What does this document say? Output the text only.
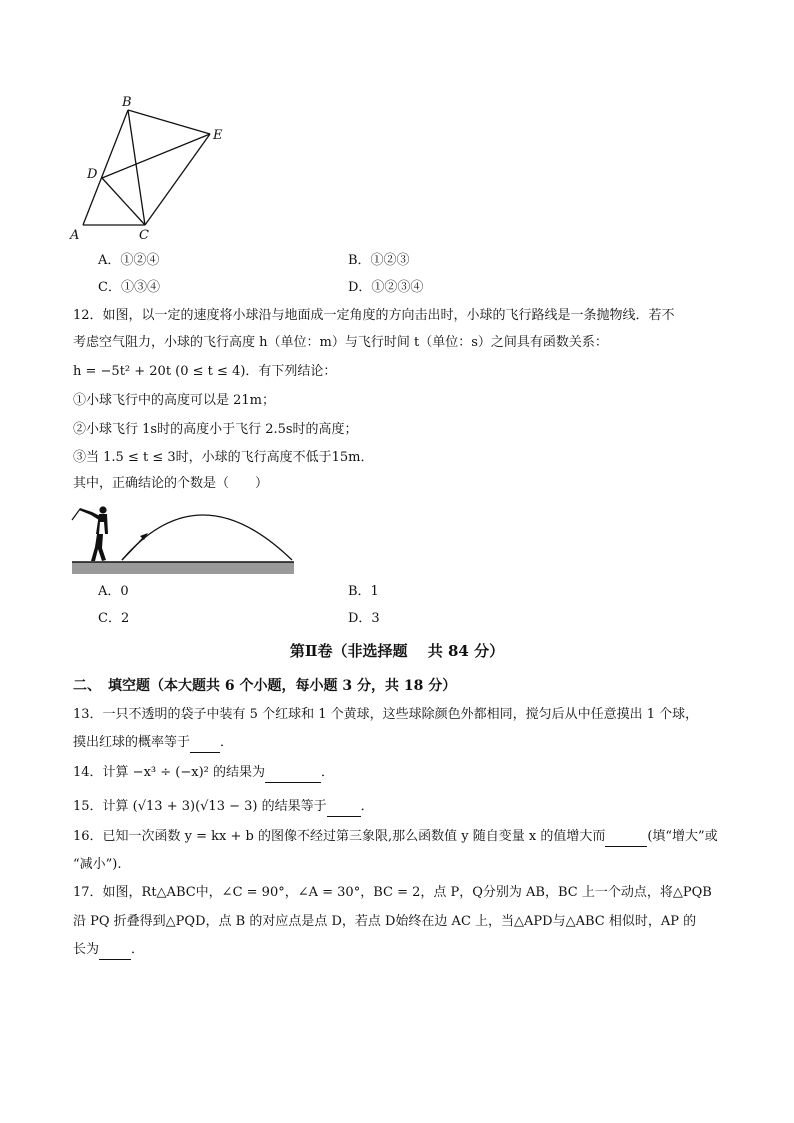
B
E
D
A	C
A．①②④	B．①②③
C．①③④	D．①②③④
12．如图，以一定的速度将小球沿与地面成一定角度的方向击出时，小球的飞行路线是一条抛物线．若不
考虑空气阻力，小球的飞行高度 h（单位：m）与飞行时间 t（单位：s）之间具有函数关系：
h = −5t² + 20t (0 ≤ t ≤ 4)．有下列结论：
①小球飞行中的高度可以是 21m；
②小球飞行 1s时的高度小于飞行 2.5s时的高度；
③当 1.5 ≤ t ≤ 3时，小球的飞行高度不低于15m．
其中，正确结论的个数是（　　）
A．0	B．1
C．2	D．3
第Ⅱ卷（非选择题　 共 84 分）
二、　填空题（本大题共 6 个小题，每小题 3 分，共 18 分）
13．一只不透明的袋子中装有 5 个红球和 1 个黄球，这些球除颜色外都相同，搅匀后从中任意摸出 1 个球，
摸出红球的概率等于 ．
14．计算 −x³ ÷ (−x)² 的结果为	．
15．计算 (√13 + 3)(√13 − 3) 的结果等于	．
16．已知一次函数 y = kx + b 的图像不经过第三象限,那么函数值 y 随自变量 x 的值增大而	(填“增大”或
“减小”).
17．如图，Rt△ABC中，∠C = 90°，∠A = 30°，BC = 2，点 P，Q分别为 AB，BC 上一个动点，将△PQB
沿 PQ 折叠得到△PQD，点 B 的对应点是点 D，若点 D始终在边 AC 上，当△APD与△ABC 相似时，AP 的
长为 ．
